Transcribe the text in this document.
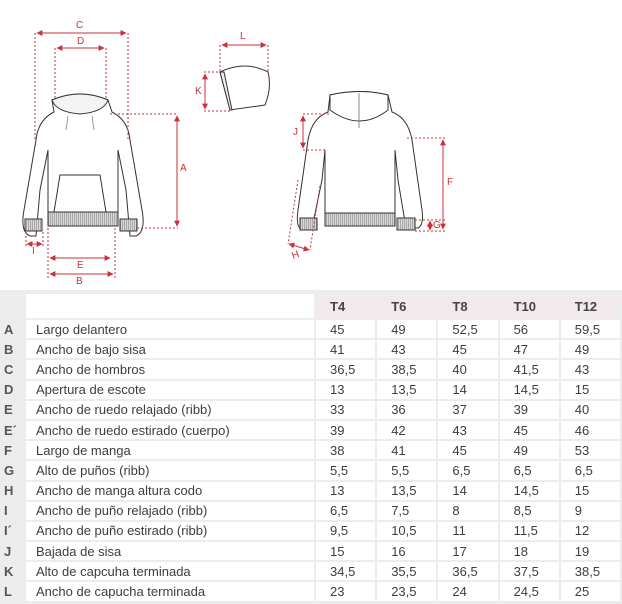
C
D
A
I
E
B
L
K
J
F
G
H
		T4	T6	T8	T10	T12
A	Largo delantero	45	49	52,5	56	59,5
B	Ancho de bajo sisa	41	43	45	47	49
C	Ancho de hombros	36,5	38,5	40	41,5	43
D	Apertura de escote	13	13,5	14	14,5	15
E	Ancho de ruedo relajado (ribb)	33	36	37	39	40
E´	Ancho de ruedo estirado (cuerpo)	39	42	43	45	46
F	Largo de manga	38	41	45	49	53
G	Alto de puños (ribb)	5,5	5,5	6,5	6,5	6,5
H	Ancho de manga altura codo	13	13,5	14	14,5	15
I	Ancho de puño relajado (ribb)	6,5	7,5	8	8,5	9
I´	Ancho de puño estirado (ribb)	9,5	10,5	11	11,5	12
J	Bajada de sisa	15	16	17	18	19
K	Alto de capcuha terminada	34,5	35,5	36,5	37,5	38,5
L	Ancho de capucha terminada	23	23,5	24	24,5	25
